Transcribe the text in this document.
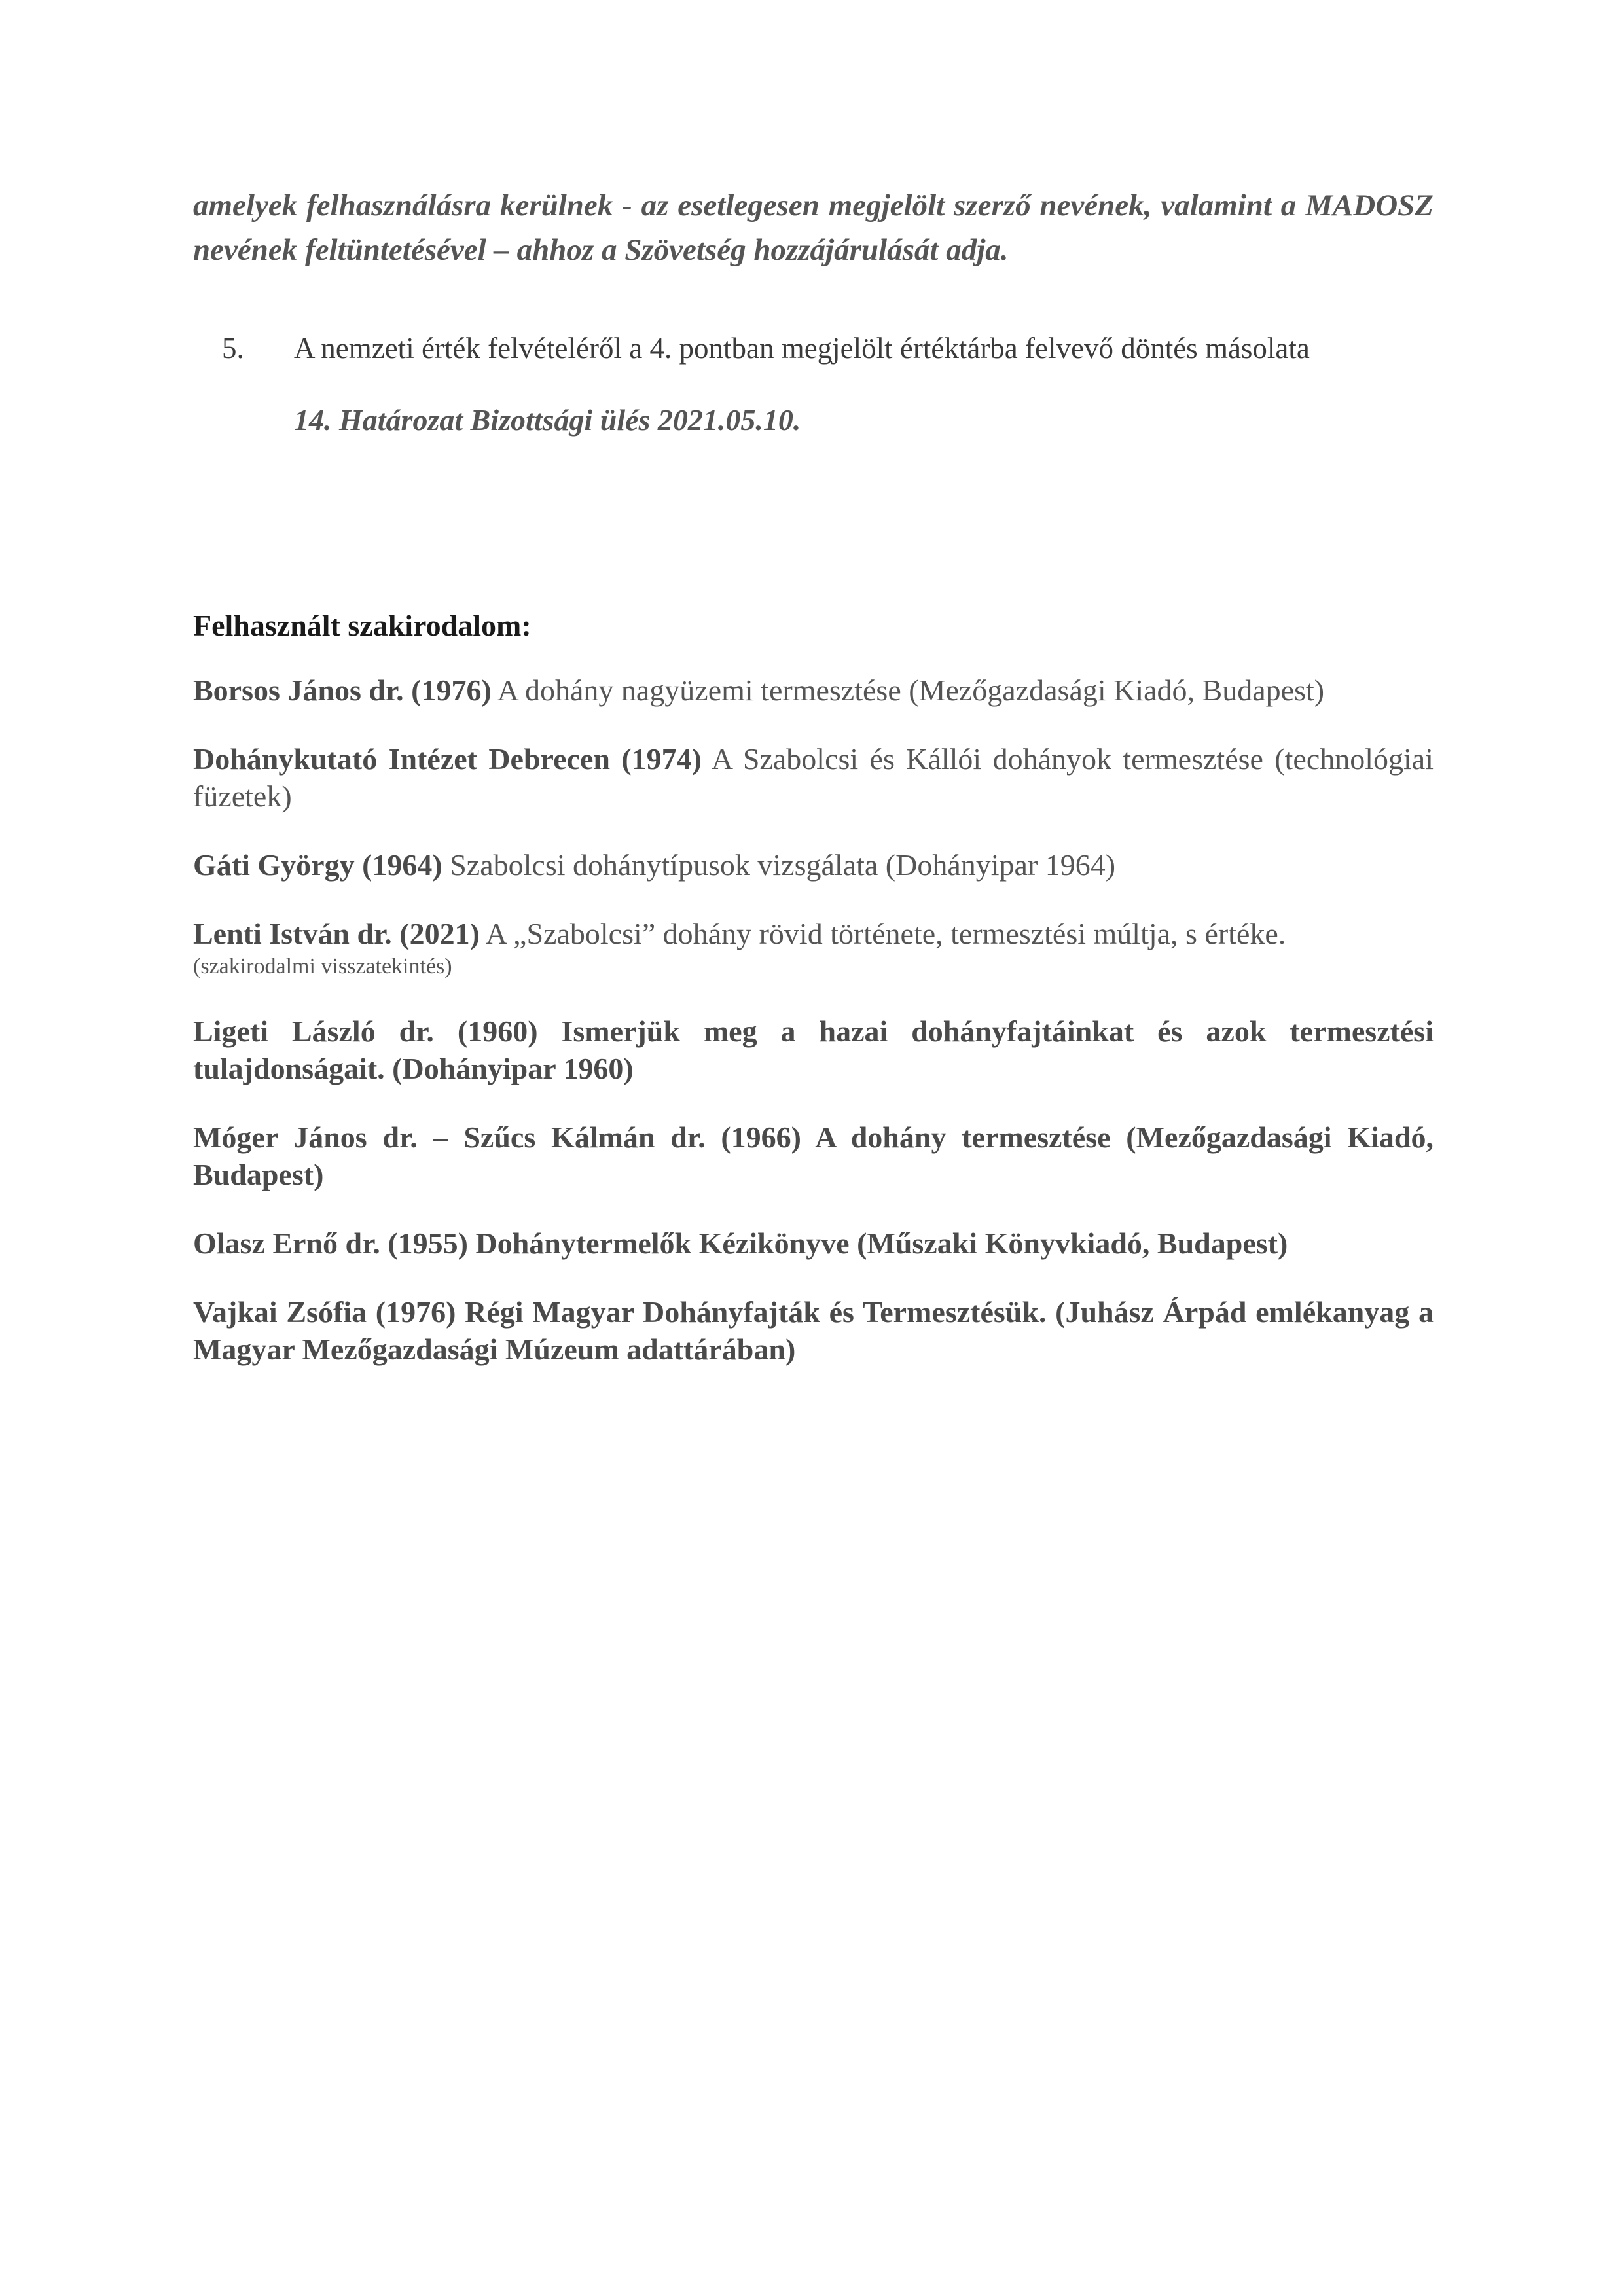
amelyek felhasználásra kerülnek - az esetlegesen megjelölt szerző nevének, valamint a MADOSZ nevének feltüntetésével – ahhoz a Szövetség hozzájárulását adja.

5.	A nemzeti érték felvételéről a 4. pontban megjelölt értéktárba felvevő döntés másolata

14. Határozat Bizottsági ülés 2021.05.10.

Felhasznált szakirodalom:

Borsos János dr. (1976) A dohány nagyüzemi termesztése (Mezőgazdasági Kiadó, Budapest)

Dohánykutató Intézet Debrecen (1974) A Szabolcsi és Kállói dohányok termesztése (technológiai füzetek)

Gáti György (1964) Szabolcsi dohánytípusok vizsgálata (Dohányipar 1964)

Lenti István dr. (2021) A „Szabolcsi” dohány rövid története, termesztési múltja, s értéke.
(szakirodalmi visszatekintés)

Ligeti László dr. (1960) Ismerjük meg a hazai dohányfajtáinkat és azok termesztési tulajdonságait. (Dohányipar 1960)

Móger János dr. – Szűcs Kálmán dr. (1966) A dohány termesztése (Mezőgazdasági Kiadó, Budapest)

Olasz Ernő dr. (1955) Dohánytermelők Kézikönyve (Műszaki Könyvkiadó, Budapest)

Vajkai Zsófia (1976) Régi Magyar Dohányfajták és Termesztésük. (Juhász Árpád emlékanyag a Magyar Mezőgazdasági Múzeum adattárában)
